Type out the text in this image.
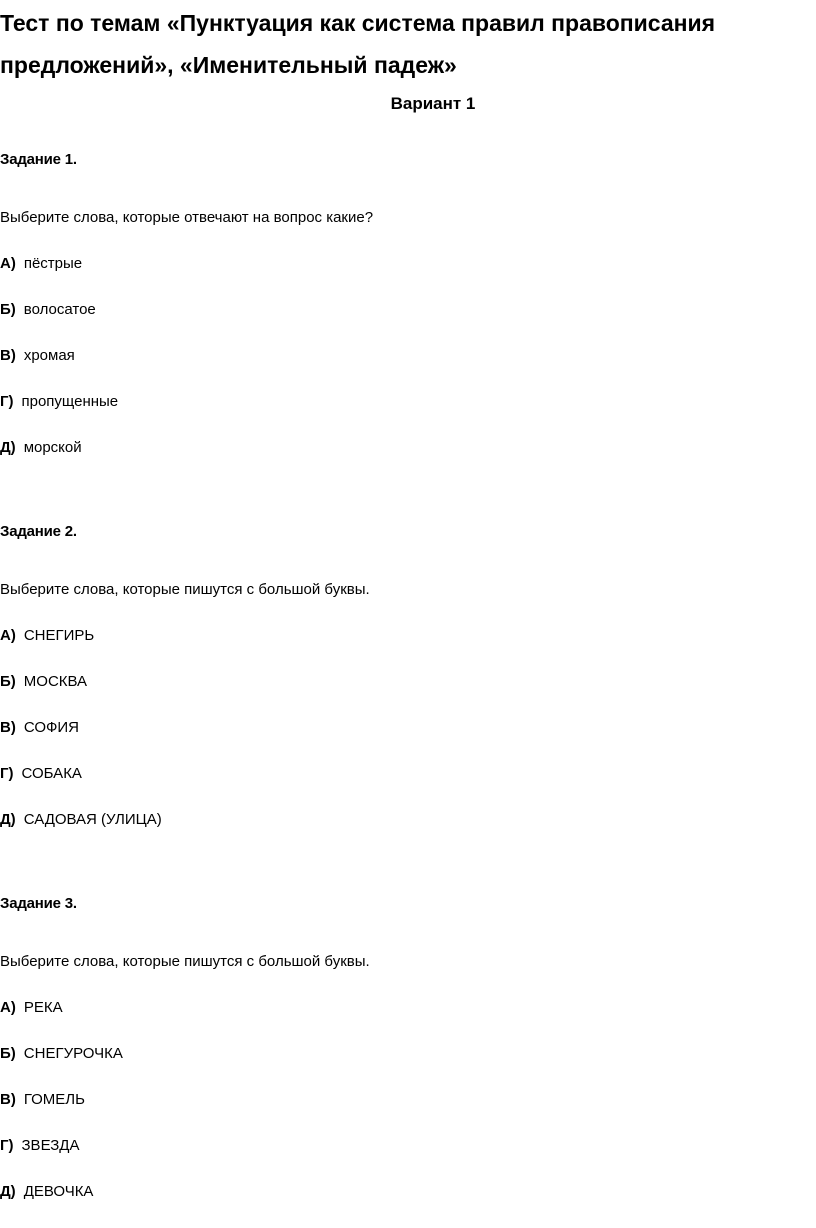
Тест по темам «Пунктуация как система правил правописания предложений», «Именительный падеж»
Вариант 1
Задание 1.
Выберите слова, которые отвечают на вопрос какие?
А) пёстрые
Б) волосатое
В) хромая
Г) пропущенные
Д) морской
Задание 2.
Выберите слова, которые пишутся с большой буквы.
А) СНЕГИРЬ
Б) МОСКВА
В) СОФИЯ
Г) СОБАКА
Д) САДОВАЯ (УЛИЦА)
Задание 3.
Выберите слова, которые пишутся с большой буквы.
А) РЕКА
Б) СНЕГУРОЧКА
В) ГОМЕЛЬ
Г) ЗВЕЗДА
Д) ДЕВОЧКА
